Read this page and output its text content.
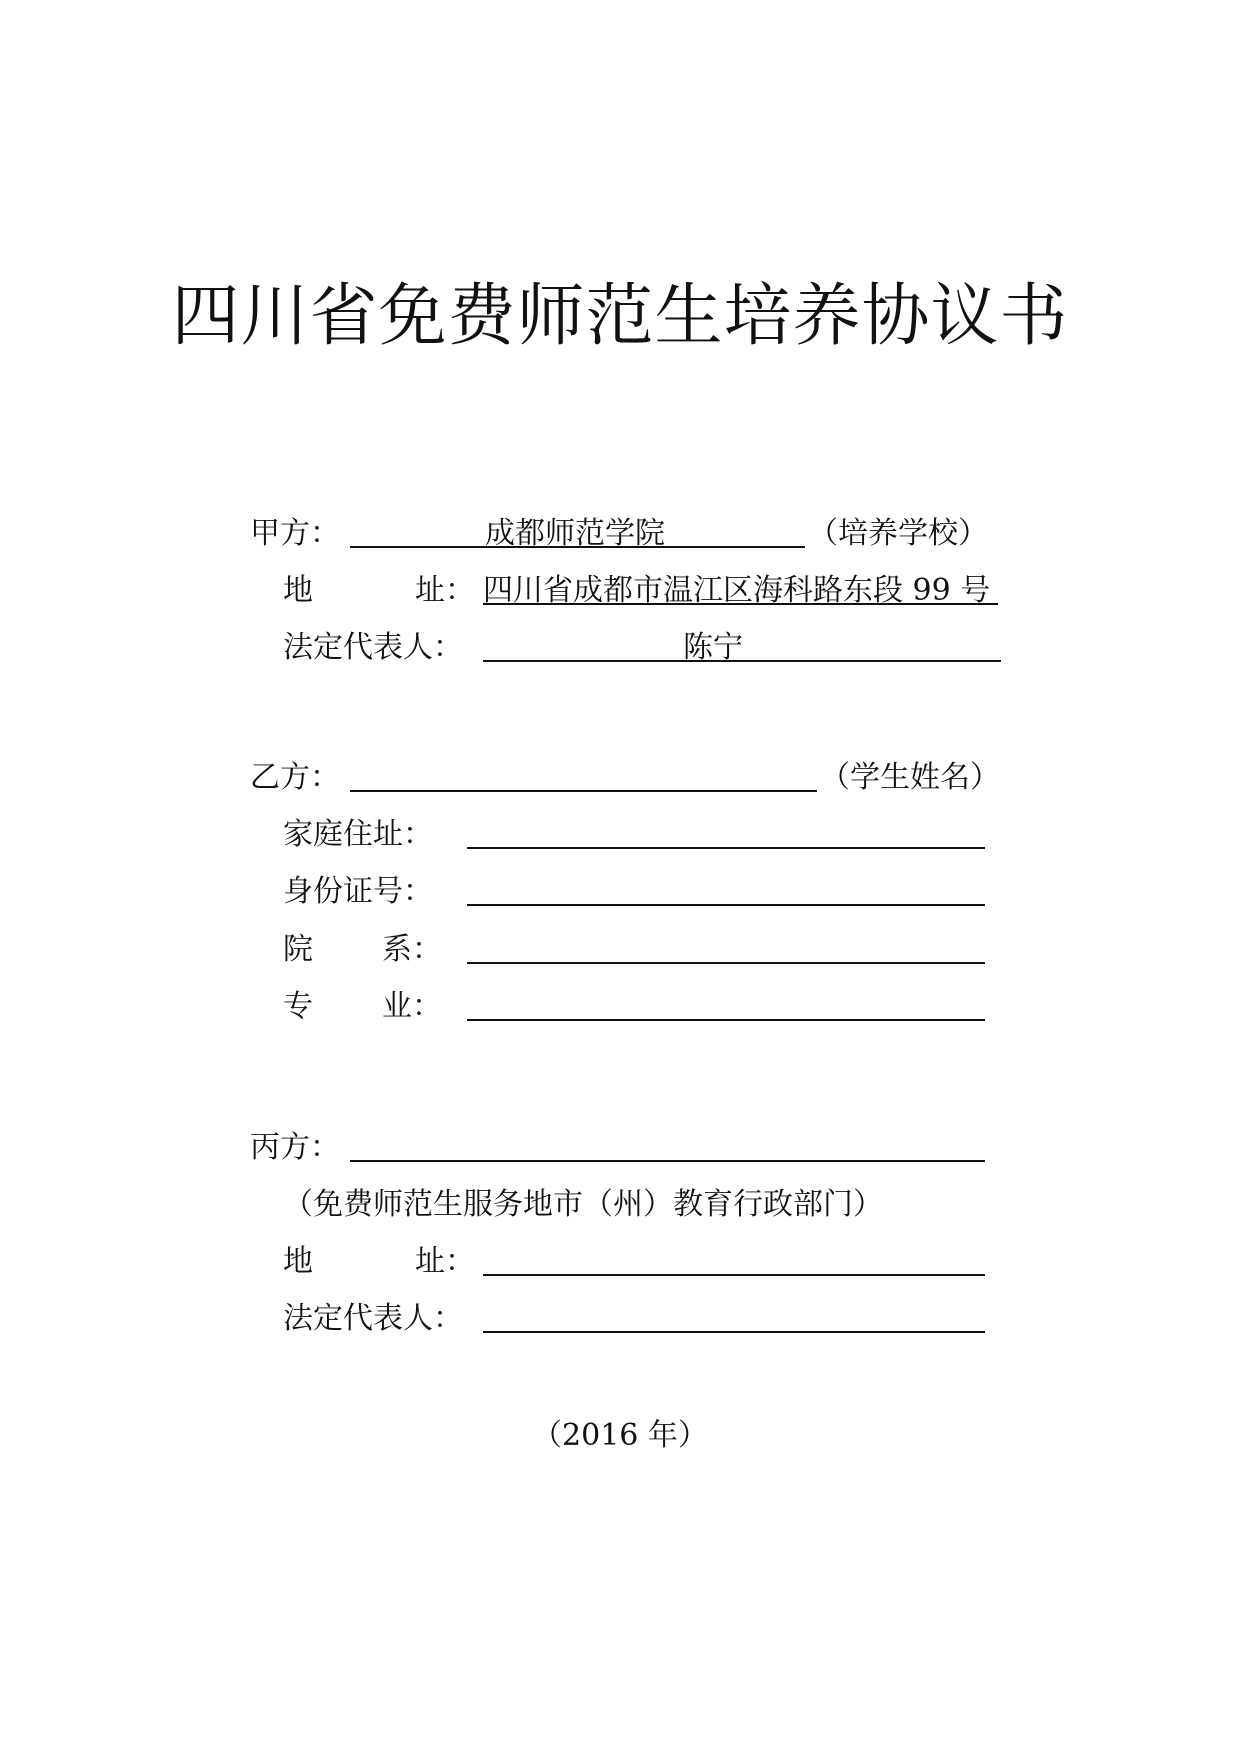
四川省免费师范生培养协议书
甲方：	成都师范学院	（培养学校）
地	址： 四川省成都市温江区海科路东段 99 号
法定代表人：	陈宁
乙方：	（学生姓名）
家庭住址：
身份证号：
院 系：
专 业：
丙方：
（免费师范生服务地市（州）教育行政部门）
地	址：
法定代表人：
（2016 年）
